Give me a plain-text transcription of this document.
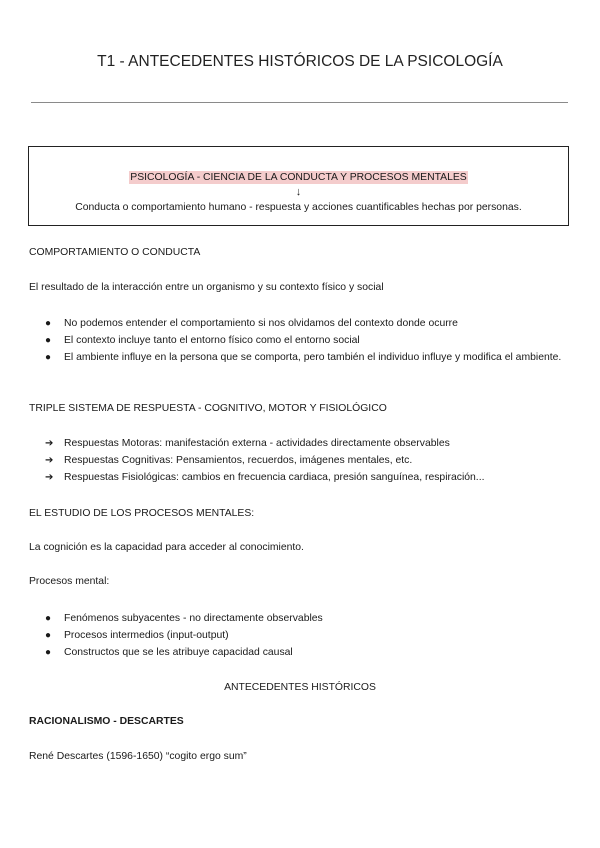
T1 - ANTECEDENTES HISTÓRICOS DE LA PSICOLOGÍA
PSICOLOGÍA - CIENCIA DE LA CONDUCTA Y PROCESOS MENTALES
↓
Conducta o comportamiento humano - respuesta y acciones cuantificables hechas por personas.
COMPORTAMIENTO O CONDUCTA
El resultado de la interacción entre un organismo y su contexto físico y social
● No podemos entender el comportamiento si nos olvidamos del contexto donde ocurre
● El contexto incluye tanto el entorno físico como el entorno social
● El ambiente influye en la persona que se comporta, pero también el individuo influye y modifica el ambiente.
TRIPLE SISTEMA DE RESPUESTA - COGNITIVO, MOTOR Y FISIOLÓGICO
➔ Respuestas Motoras: manifestación externa - actividades directamente observables
➔ Respuestas Cognitivas: Pensamientos, recuerdos, imágenes mentales, etc.
➔ Respuestas Fisiológicas: cambios en frecuencia cardiaca, presión sanguínea, respiración...
EL ESTUDIO DE LOS PROCESOS MENTALES:
La cognición es la capacidad para acceder al conocimiento.
Procesos mental:
● Fenómenos subyacentes - no directamente observables
● Procesos intermedios (input-output)
● Constructos que se les atribuye capacidad causal
ANTECEDENTES HISTÓRICOS
RACIONALISMO - DESCARTES
René Descartes (1596-1650) “cogito ergo sum”
